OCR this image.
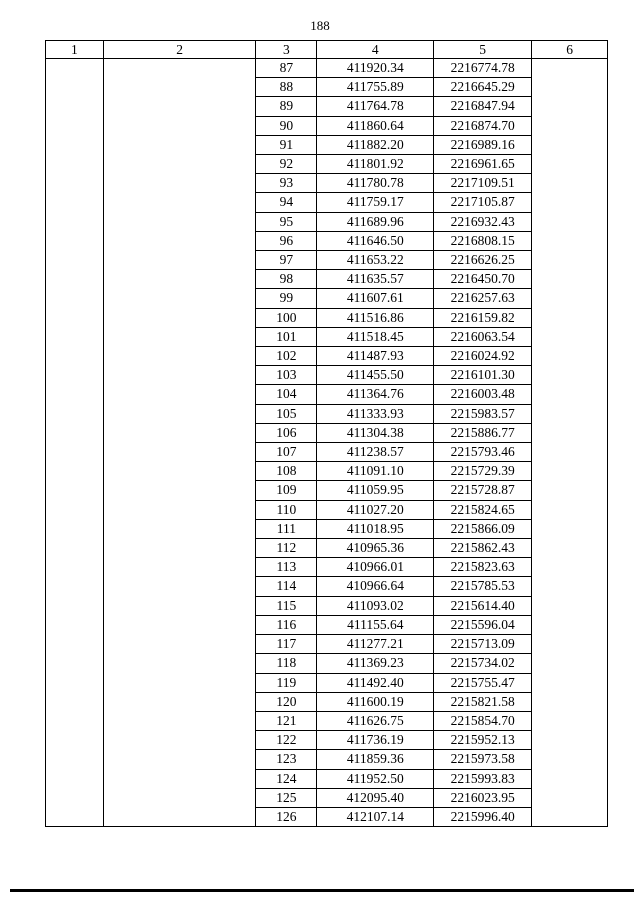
188
1	2	3	4	5	6
		87	411920.34	2216774.78	
		88	411755.89	2216645.29	
		89	411764.78	2216847.94	
		90	411860.64	2216874.70	
		91	411882.20	2216989.16	
		92	411801.92	2216961.65	
		93	411780.78	2217109.51	
		94	411759.17	2217105.87	
		95	411689.96	2216932.43	
		96	411646.50	2216808.15	
		97	411653.22	2216626.25	
		98	411635.57	2216450.70	
		99	411607.61	2216257.63	
		100	411516.86	2216159.82	
		101	411518.45	2216063.54	
		102	411487.93	2216024.92	
		103	411455.50	2216101.30	
		104	411364.76	2216003.48	
		105	411333.93	2215983.57	
		106	411304.38	2215886.77	
		107	411238.57	2215793.46	
		108	411091.10	2215729.39	
		109	411059.95	2215728.87	
		110	411027.20	2215824.65	
		111	411018.95	2215866.09	
		112	410965.36	2215862.43	
		113	410966.01	2215823.63	
		114	410966.64	2215785.53	
		115	411093.02	2215614.40	
		116	411155.64	2215596.04	
		117	411277.21	2215713.09	
		118	411369.23	2215734.02	
		119	411492.40	2215755.47	
		120	411600.19	2215821.58	
		121	411626.75	2215854.70	
		122	411736.19	2215952.13	
		123	411859.36	2215973.58	
		124	411952.50	2215993.83	
		125	412095.40	2216023.95	
		126	412107.14	2215996.40	
